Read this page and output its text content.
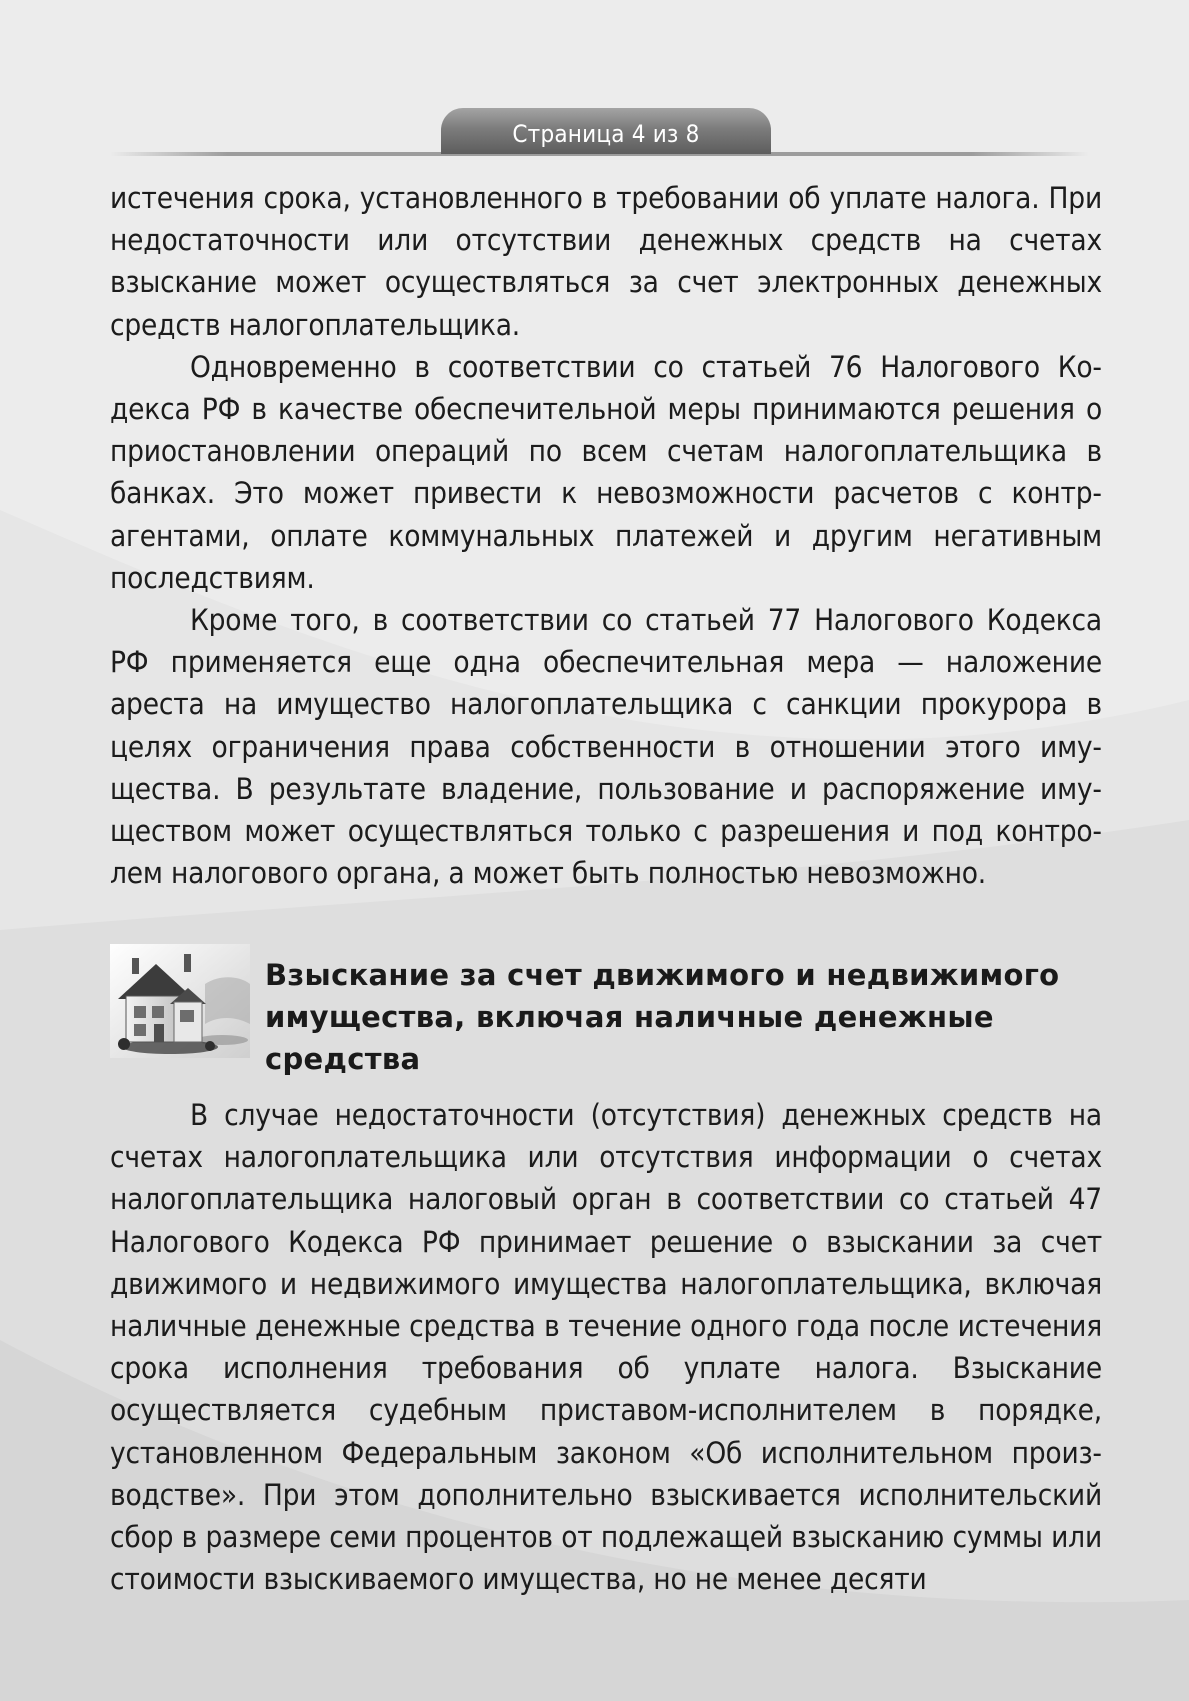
Страница 4 из 8

истечения срока, установленного в требовании об уплате налога. При недостаточности или отсутствии денежных средств на счетах взыскание может осуществляться за счет электронных денежных средств налогоплательщика.

Одновременно в соответствии со статьей 76 Налогового Кодекса РФ в качестве обеспечительной меры принимаются решения о приостановлении операций по всем счетам налогоплательщика в банках. Это может привести к невозможности расчетов с контрагентами, оплате коммунальных платежей и другим негативным последствиям.

Кроме того, в соответствии со статьей 77 Налогового Кодекса РФ применяется еще одна обеспечительная мера — наложение ареста на имущество налогоплательщика с санкции прокурора в целях ограничения права собственности в отношении этого имущества. В результате владение, пользование и распоряжение имуществом может осуществляться только с разрешения и под контролем налогового органа, а может быть полностью невозможно.

Взыскание за счет движимого и недвижимого имущества, включая наличные денежные средства

В случае недостаточности (отсутствия) денежных средств на счетах налогоплательщика или отсутствия информации о счетах налогоплательщика налоговый орган в соответствии со статьей 47 Налогового Кодекса РФ принимает решение о взыскании за счет движимого и недвижимого имущества налогоплательщика, включая наличные денежные средства в течение одного года после истечения срока исполнения требования об уплате налога. Взыскание осуществляется судебным приставом-исполнителем в порядке, установленном Федеральным законом «Об исполнительном производстве». При этом дополнительно взыскивается исполнительский сбор в размере семи процентов от подлежащей взысканию суммы или стоимости взыскиваемого имущества, но не менее десяти
